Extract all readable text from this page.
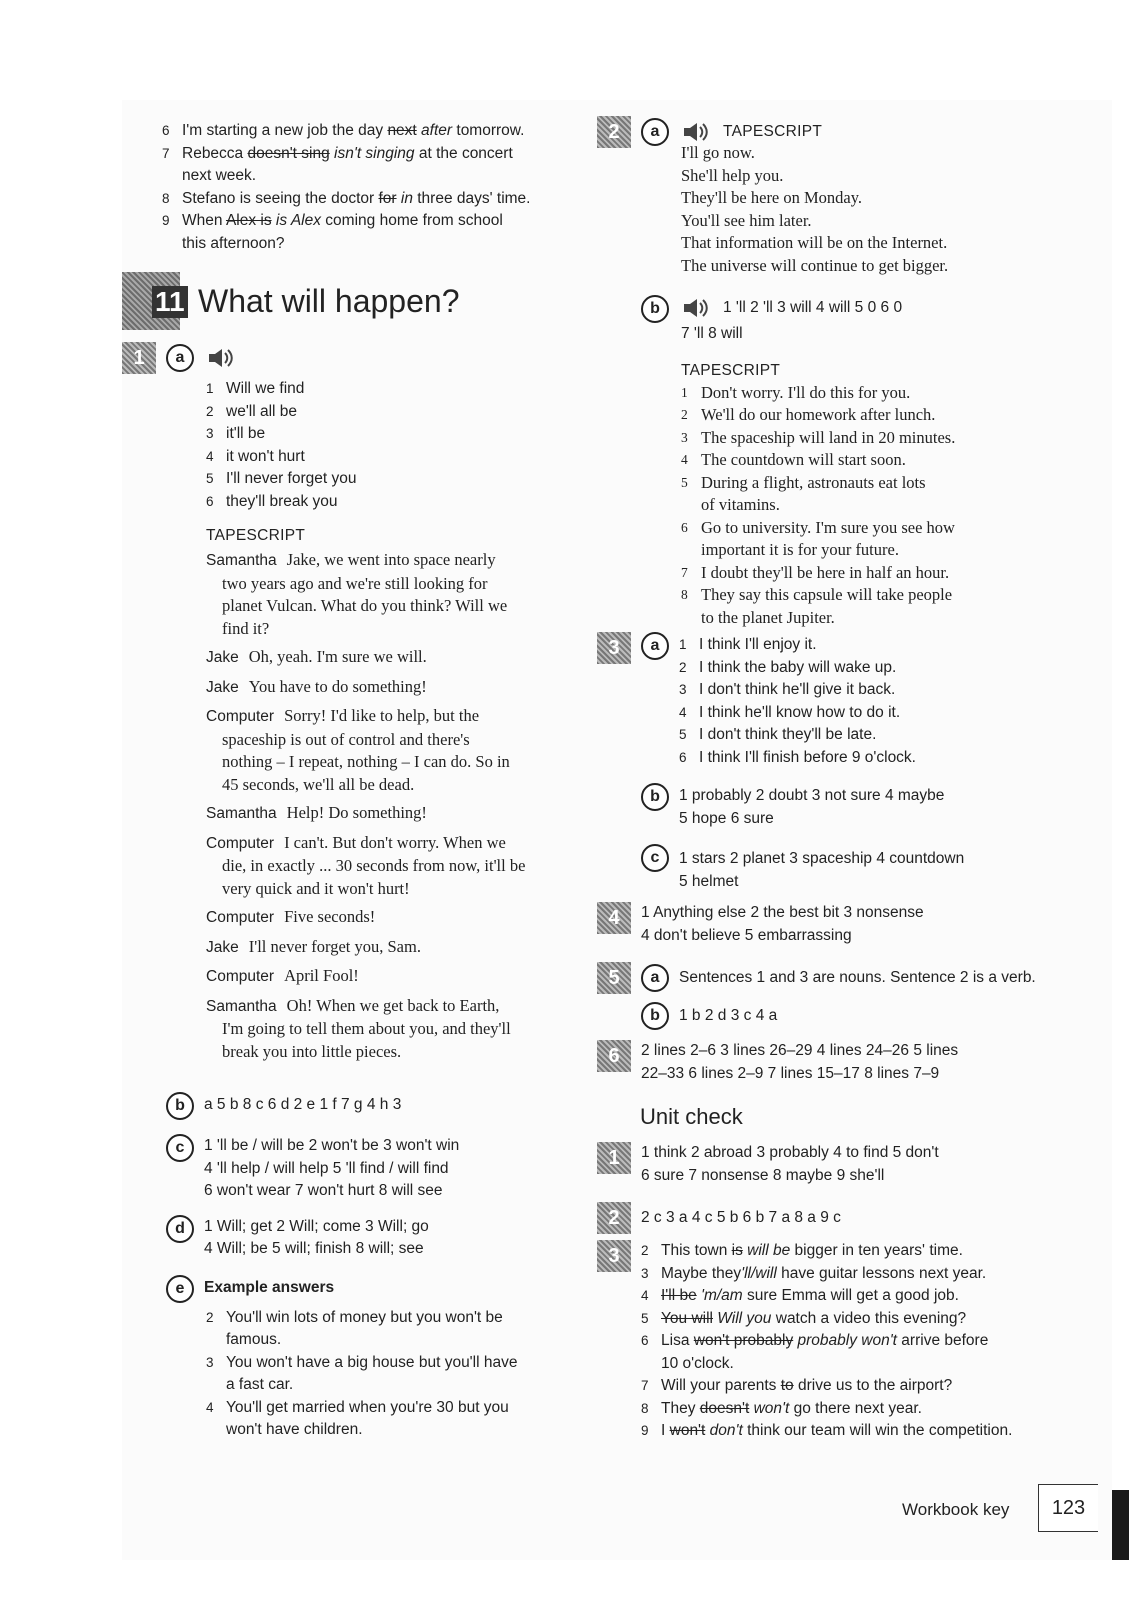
6 I'm starting a new job the day next after tomorrow.
7 Rebecca doesn't sing isn't singing at the concert
next week.
8 Stefano is seeing the doctor for in three days' time.
9 When Alex is is Alex coming home from school
this afternoon?
11 What will happen?
1	a
1 Will we find
2 we'll all be
3 it'll be
4 it won't hurt
5 I'll never forget you
6 they'll break you
TAPESCRIPT
Samantha Jake, we went into space nearly
two years ago and we're still looking for
planet Vulcan. What do you think? Will we
find it?
Jake Oh, yeah. I'm sure we will.
Jake You have to do something!
Computer Sorry! I'd like to help, but the
spaceship is out of control and there's
nothing – I repeat, nothing – I can do. So in
45 seconds, we'll all be dead.
Samantha Help! Do something!
Computer I can't. But don't worry. When we
die, in exactly ... 30 seconds from now, it'll be
very quick and it won't hurt!
Computer Five seconds!
Jake I'll never forget you, Sam.
Computer April Fool!
Samantha Oh! When we get back to Earth,
I'm going to tell them about you, and they'll
break you into little pieces.
b	a 5 b 8 c 6 d 2 e 1 f 7 g 4 h 3
c	1 'll be / will be 2 won't be 3 won't win
4 'll help / will help 5 'll find / will find
6 won't wear 7 won't hurt 8 will see
d	1 Will; get 2 Will; come 3 Will; go
4 Will; be 5 will; finish 8 will; see
e	Example answers
2 You'll win lots of money but you won't be
famous.
3 You won't have a big house but you'll have
a fast car.
4 You'll get married when you're 30 but you
won't have children.
2	a	TAPESCRIPT
I'll go now.
She'll help you.
They'll be here on Monday.
You'll see him later.
That information will be on the Internet.
The universe will continue to get bigger.
b	1 'll 2 'll 3 will 4 will 5 0 6 0
7 'll 8 will
TAPESCRIPT
1 Don't worry. I'll do this for you.
2 We'll do our homework after lunch.
3 The spaceship will land in 20 minutes.
4 The countdown will start soon.
5 During a flight, astronauts eat lots
of vitamins.
6 Go to university. I'm sure you see how
important it is for your future.
7 I doubt they'll be here in half an hour.
8 They say this capsule will take people
to the planet Jupiter.
3	a	1 I think I'll enjoy it.
2 I think the baby will wake up.
3 I don't think he'll give it back.
4 I think he'll know how to do it.
5 I don't think they'll be late.
6 I think I'll finish before 9 o'clock.
b	1 probably 2 doubt 3 not sure 4 maybe
5 hope 6 sure
c	1 stars 2 planet 3 spaceship 4 countdown
5 helmet
4	1 Anything else 2 the best bit 3 nonsense
4 don't believe 5 embarrassing
5	a	Sentences 1 and 3 are nouns. Sentence 2 is a verb.
b	1 b 2 d 3 c 4 a
6	2 lines 2–6 3 lines 26–29 4 lines 24–26 5 lines
22–33 6 lines 2–9 7 lines 15–17 8 lines 7–9
Unit check
1	1 think 2 abroad 3 probably 4 to find 5 don't
6 sure 7 nonsense 8 maybe 9 she'll
2	2 c 3 a 4 c 5 b 6 b 7 a 8 a 9 c
3	2 This town is will be bigger in ten years' time.
3 Maybe they'll/will have guitar lessons next year.
4 I'll be 'm/am sure Emma will get a good job.
5 You will Will you watch a video this evening?
6 Lisa won't probably probably won't arrive before
10 o'clock.
7 Will your parents to drive us to the airport?
8 They doesn't won't go there next year.
9 I won't don't think our team will win the competition.
Workbook key	123
